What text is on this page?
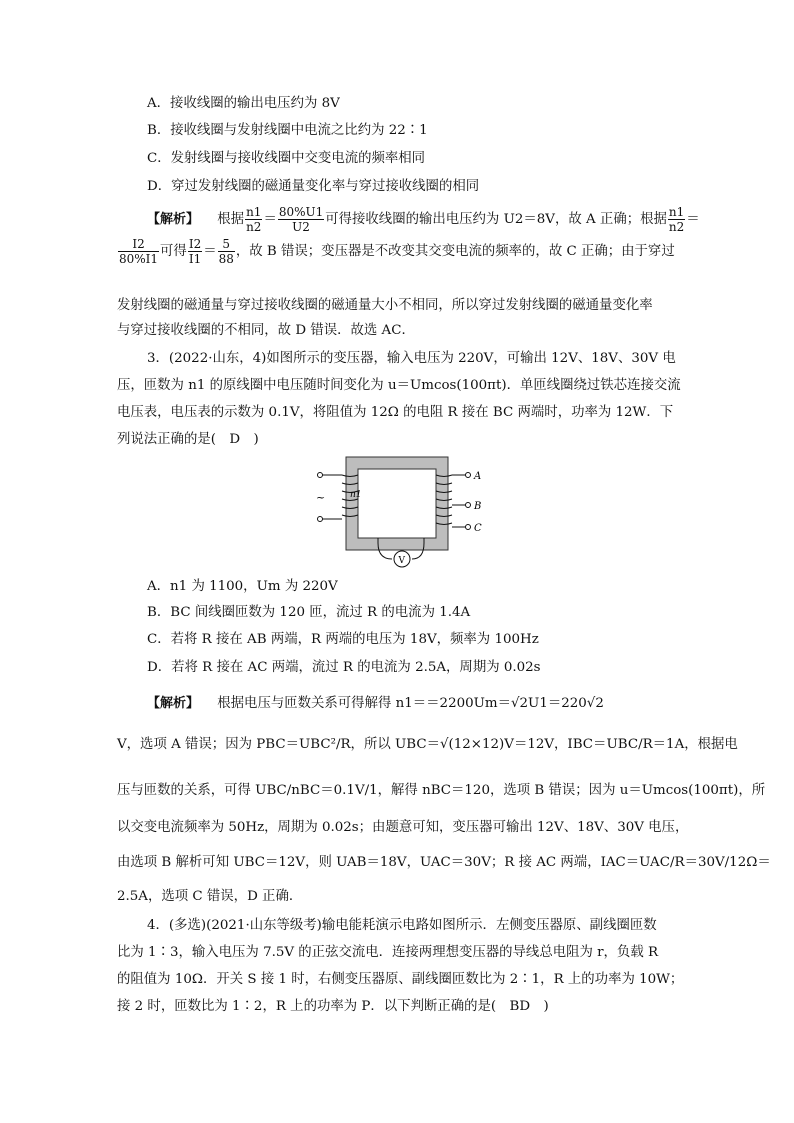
A．接收线圈的输出电压约为 8V
B．接收线圈与发射线圈中电流之比约为 22∶1
C．发射线圈与接收线圈中交变电流的频率相同
D．穿过发射线圈的磁通量变化率与穿过接收线圈的相同
【解析】 根据 $\frac{n1}{n2} = \frac{80\%U1}{U2}$ 可得接收线圈的输出电压约为 U2＝8V，故 A 正确；根据 $\frac{n1}{n2}$ ＝
$\frac{I2}{80\%I1}$ 可得 $\frac{I2}{I1} = \frac{5}{88}$ ，故 B 错误；变压器是不改变其交变电流的频率的，故 C 正确；由于穿过
发射线圈的磁通量与穿过接收线圈的磁通量大小不相同，所以穿过发射线圈的磁通量变化率
与穿过接收线圈的不相同，故 D 错误．故选 AC．
3．(2022·山东，4)如图所示的变压器，输入电压为 220V，可输出 12V、18V、30V 电
压，匝数为 n1 的原线圈中电压随时间变化为 u＝Umcos(100πt)．单匝线圈绕过铁芯连接交流
电压表，电压表的示数为 0.1V，将阻值为 12Ω 的电阻 R 接在 BC 两端时，功率为 12W．下
列说法正确的是(　D　)
~	n1
A
B
C
V
A．n1 为 1100，Um 为 220V
B．BC 间线圈匝数为 120 匝，流过 R 的电流为 1.4A
C．若将 R 接在 AB 两端，R 两端的电压为 18V，频率为 100Hz
D．若将 R 接在 AC 两端，流过 R 的电流为 2.5A，周期为 0.02s
【解析】 根据电压与匝数关系可得解得 n1＝＝2200Um＝√2U1＝220√2
V，选项 A 错误；因为 PBC＝UBC²/R，所以 UBC＝√(12×12)V＝12V，IBC＝UBC/R＝1A，根据电
压与匝数的关系，可得 UBC/nBC＝0.1V/1，解得 nBC＝120，选项 B 错误；因为 u＝Umcos(100πt)，所
以交变电流频率为 50Hz，周期为 0.02s；由题意可知，变压器可输出 12V、18V、30V 电压，
由选项 B 解析可知 UBC＝12V，则 UAB＝18V，UAC＝30V；R 接 AC 两端，IAC＝UAC/R＝30V/12Ω＝
2.5A，选项 C 错误，D 正确．
4．(多选)(2021·山东等级考)输电能耗演示电路如图所示．左侧变压器原、副线圈匝数
比为 1∶3，输入电压为 7.5V 的正弦交流电．连接两理想变压器的导线总电阻为 r，负载 R
的阻值为 10Ω．开关 S 接 1 时，右侧变压器原、副线圈匝数比为 2∶1，R 上的功率为 10W；
接 2 时，匝数比为 1∶2，R 上的功率为 P．以下判断正确的是(　BD　)
